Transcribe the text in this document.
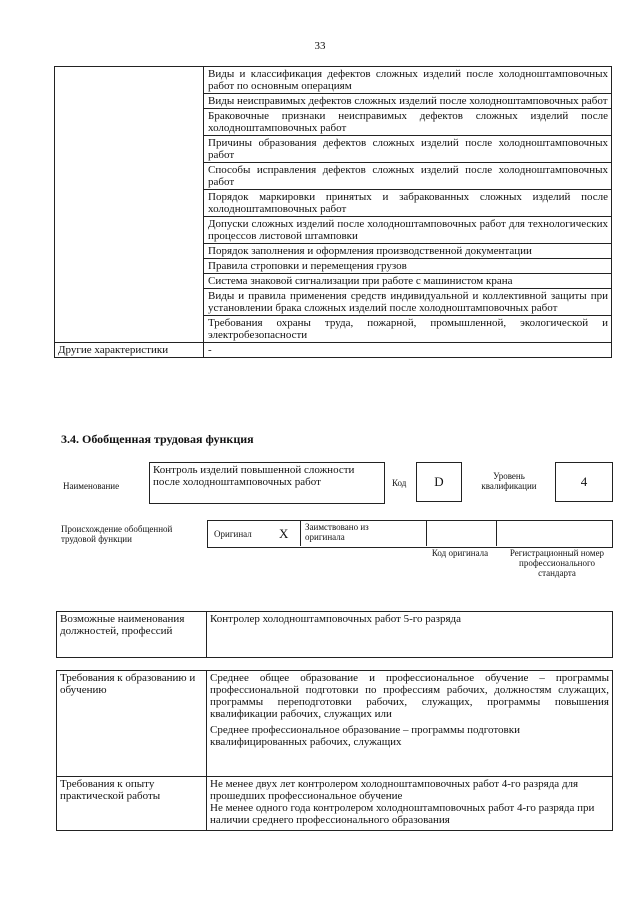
33
	Виды и классификация дефектов сложных изделий после холодноштамповочных работ по основным операциям
	Виды неисправимых дефектов сложных изделий после холодноштамповочных работ
	Браковочные признаки неисправимых дефектов сложных изделий после холодноштамповочных работ
	Причины образования дефектов сложных изделий после холодноштамповочных работ
	Способы исправления дефектов сложных изделий после холодноштамповочных работ
	Порядок маркировки принятых и забракованных сложных изделий после холодноштамповочных работ
	Допуски сложных изделий после холодноштамповочных работ для технологических процессов листовой штамповки
	Порядок заполнения и оформления производственной документации
	Правила строповки и перемещения грузов
	Система знаковой сигнализации при работе с машинистом крана
	Виды и правила применения средств индивидуальной и коллективной защиты при установлении брака сложных изделий после холодноштамповочных работ
	Требования охраны труда, пожарной, промышленной, экологической и электробезопасности
Другие характеристики	-
3.4. Обобщенная трудовая функция
Наименование
Контроль изделий повышенной сложности после холодноштамповочных работ	Код	D	Уровень квалификации	4
Происхождение обобщенной трудовой функции	Оригинал X Заимствовано из оригинала
Код оригинала	Регистрационный номер профессионального стандарта
Возможные наименования должностей, профессий	Контролер холодноштамповочных работ 5-го разряда
Требования к образованию и обучению	Среднее общее образование и профессиональное обучение – программы профессиональной подготовки по профессиям рабочих, должностям служащих, программы переподготовки рабочих, служащих, программы повышения квалификации рабочих, служащих или
Среднее профессиональное образование – программы подготовки квалифицированных рабочих, служащих

Требования к опыту практической работы	Не менее двух лет контролером холодноштамповочных работ 4-го разряда для прошедших профессиональное обучение
Не менее одного года контролером холодноштамповочных работ 4-го разряда при наличии среднего профессионального образования
